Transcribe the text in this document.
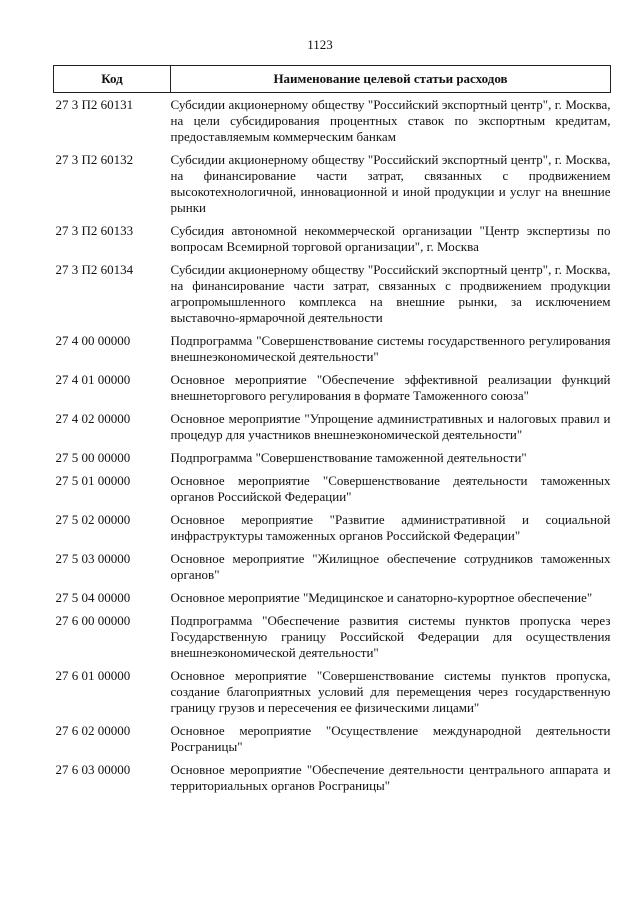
1123
Код	Наименование целевой статьи расходов
27 3 П2 60131	Субсидии акционерному обществу "Российский экспортный центр", г. Москва, на цели субсидирования процентных ставок по экспортным кредитам, предоставляемым коммерческим банкам
27 3 П2 60132	Субсидии акционерному обществу "Российский экспортный центр", г. Москва, на финансирование части затрат, связанных с продвижением высокотехнологичной, инновационной и иной продукции и услуг на внешние рынки
27 3 П2 60133	Субсидия автономной некоммерческой организации "Центр экспертизы по вопросам Всемирной торговой организации", г. Москва
27 3 П2 60134	Субсидии акционерному обществу "Российский экспортный центр", г. Москва, на финансирование части затрат, связанных с продвижением продукции агропромышленного комплекса на внешние рынки, за исключением выставочно-ярмарочной деятельности
27 4 00 00000	Подпрограмма "Совершенствование системы государственного регулирования внешнеэкономической деятельности"
27 4 01 00000	Основное мероприятие "Обеспечение эффективной реализации функций внешнеторгового регулирования в формате Таможенного союза"
27 4 02 00000	Основное мероприятие "Упрощение административных и налоговых правил и процедур для участников внешнеэкономической деятельности"
27 5 00 00000	Подпрограмма "Совершенствование таможенной деятельности"
27 5 01 00000	Основное мероприятие "Совершенствование деятельности таможенных органов Российской Федерации"
27 5 02 00000	Основное мероприятие "Развитие административной и социальной инфраструктуры таможенных органов Российской Федерации"
27 5 03 00000	Основное мероприятие "Жилищное обеспечение сотрудников таможенных органов"
27 5 04 00000	Основное мероприятие "Медицинское и санаторно-курортное обеспечение"
27 6 00 00000	Подпрограмма "Обеспечение развития системы пунктов пропуска через Государственную границу Российской Федерации для осуществления внешнеэкономической деятельности"
27 6 01 00000	Основное мероприятие "Совершенствование системы пунктов пропуска, создание благоприятных условий для перемещения через государственную границу грузов и пересечения ее физическими лицами"
27 6 02 00000	Основное мероприятие "Осуществление международной деятельности Росграницы"
27 6 03 00000	Основное мероприятие "Обеспечение деятельности центрального аппарата и территориальных органов Росграницы"
